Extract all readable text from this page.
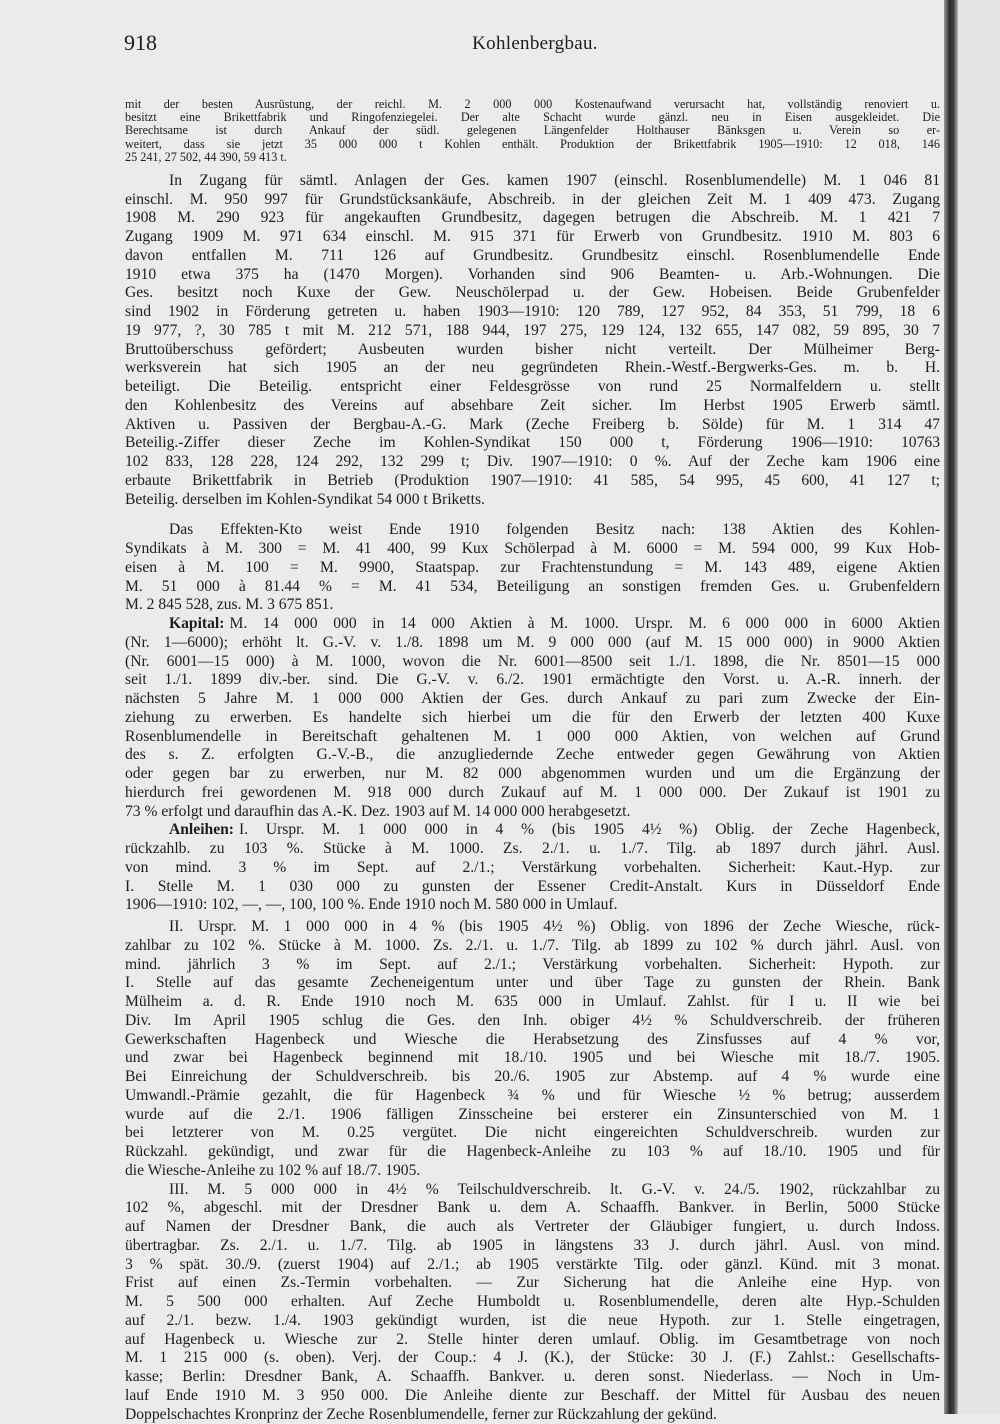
918	Kohlenbergbau.
mit der besten Ausrüstung, der reichl. M. 2 000 000 Kostenaufwand verursacht hat, vollständig renoviert u.
besitzt eine Brikettfabrik und Ringofenziegelei. Der alte Schacht wurde gänzl. neu in Eisen ausgekleidet. Die
Berechtsame ist durch Ankauf der südl. gelegenen Längenfelder Holthauser Bänksgen u. Verein so er-
weitert, dass sie jetzt 35 000 000 t Kohlen enthält. Produktion der Brikettfabrik 1905—1910: 12 018, 146
25 241, 27 502, 44 390, 59 413 t.
In Zugang für sämtl. Anlagen der Ges. kamen 1907 (einschl. Rosenblumendelle) M. 1 046 81
einschl. M. 950 997 für Grundstücksankäufe, Abschreib. in der gleichen Zeit M. 1 409 473. Zugang
1908 M. 290 923 für angekauften Grundbesitz, dagegen betrugen die Abschreib. M. 1 421 7
Zugang 1909 M. 971 634 einschl. M. 915 371 für Erwerb von Grundbesitz. 1910 M. 803 6
davon entfallen M. 711 126 auf Grundbesitz. Grundbesitz einschl. Rosenblumendelle Ende
1910 etwa 375 ha (1470 Morgen). Vorhanden sind 906 Beamten- u. Arb.-Wohnungen. Die
Ges. besitzt noch Kuxe der Gew. Neuschölerpad u. der Gew. Hobeisen. Beide Grubenfelder
sind 1902 in Förderung getreten u. haben 1903—1910: 120 789, 127 952, 84 353, 51 799, 18 6
19 977, ?, 30 785 t mit M. 212 571, 188 944, 197 275, 129 124, 132 655, 147 082, 59 895, 30 7
Bruttoüberschuss gefördert; Ausbeuten wurden bisher nicht verteilt. Der Mülheimer Berg-
werksverein hat sich 1905 an der neu gegründeten Rhein.-Westf.-Bergwerks-Ges. m. b. H.
beteiligt. Die Beteilig. entspricht einer Feldesgrösse von rund 25 Normalfeldern u. stellt
den Kohlenbesitz des Vereins auf absehbare Zeit sicher. Im Herbst 1905 Erwerb sämtl.
Aktiven u. Passiven der Bergbau-A.-G. Mark (Zeche Freiberg b. Sölde) für M. 1 314 47
Beteilig.-Ziffer dieser Zeche im Kohlen-Syndikat 150 000 t, Förderung 1906—1910: 10763
102 833, 128 228, 124 292, 132 299 t; Div. 1907—1910: 0 %. Auf der Zeche kam 1906 eine
erbaute Brikettfabrik in Betrieb (Produktion 1907—1910: 41 585, 54 995, 45 600, 41 127 t;
Beteilig. derselben im Kohlen-Syndikat 54 000 t Briketts.
Das Effekten-Kto weist Ende 1910 folgenden Besitz nach: 138 Aktien des Kohlen-
Syndikats à M. 300 = M. 41 400, 99 Kux Schölerpad à M. 6000 = M. 594 000, 99 Kux Hob-
eisen à M. 100 = M. 9900, Staatspap. zur Frachtenstundung = M. 143 489, eigene Aktien
M. 51 000 à 81.44 % = M. 41 534, Beteiligung an sonstigen fremden Ges. u. Grubenfeldern
M. 2 845 528, zus. M. 3 675 851.
Kapital: M. 14 000 000 in 14 000 Aktien à M. 1000. Urspr. M. 6 000 000 in 6000 Aktien
(Nr. 1—6000); erhöht lt. G.-V. v. 1./8. 1898 um M. 9 000 000 (auf M. 15 000 000) in 9000 Aktien
(Nr. 6001—15 000) à M. 1000, wovon die Nr. 6001—8500 seit 1./1. 1898, die Nr. 8501—15 000
seit 1./1. 1899 div.-ber. sind. Die G.-V. v. 6./2. 1901 ermächtigte den Vorst. u. A.-R. innerh. der
nächsten 5 Jahre M. 1 000 000 Aktien der Ges. durch Ankauf zu pari zum Zwecke der Ein-
ziehung zu erwerben. Es handelte sich hierbei um die für den Erwerb der letzten 400 Kuxe
Rosenblumendelle in Bereitschaft gehaltenen M. 1 000 000 Aktien, von welchen auf Grund
des s. Z. erfolgten G.-V.-B., die anzugliedernde Zeche entweder gegen Gewährung von Aktien
oder gegen bar zu erwerben, nur M. 82 000 abgenommen wurden und um die Ergänzung der
hierdurch frei gewordenen M. 918 000 durch Zukauf auf M. 1 000 000. Der Zukauf ist 1901 zu
73 % erfolgt und daraufhin das A.-K. Dez. 1903 auf M. 14 000 000 herabgesetzt.
Anleihen: I. Urspr. M. 1 000 000 in 4 % (bis 1905 4½ %) Oblig. der Zeche Hagenbeck,
rückzahlb. zu 103 %. Stücke à M. 1000. Zs. 2./1. u. 1./7. Tilg. ab 1897 durch jährl. Ausl.
von mind. 3 % im Sept. auf 2./1.; Verstärkung vorbehalten. Sicherheit: Kaut.-Hyp. zur
I. Stelle M. 1 030 000 zu gunsten der Essener Credit-Anstalt. Kurs in Düsseldorf Ende
1906—1910: 102, —, —, 100, 100 %. Ende 1910 noch M. 580 000 in Umlauf.
II. Urspr. M. 1 000 000 in 4 % (bis 1905 4½ %) Oblig. von 1896 der Zeche Wiesche, rück-
zahlbar zu 102 %. Stücke à M. 1000. Zs. 2./1. u. 1./7. Tilg. ab 1899 zu 102 % durch jährl. Ausl. von
mind. jährlich 3 % im Sept. auf 2./1.; Verstärkung vorbehalten. Sicherheit: Hypoth. zur
I. Stelle auf das gesamte Zecheneigentum unter und über Tage zu gunsten der Rhein. Bank
Mülheim a. d. R. Ende 1910 noch M. 635 000 in Umlauf. Zahlst. für I u. II wie bei
Div. Im April 1905 schlug die Ges. den Inh. obiger 4½ % Schuldverschreib. der früheren
Gewerkschaften Hagenbeck und Wiesche die Herabsetzung des Zinsfusses auf 4 % vor,
und zwar bei Hagenbeck beginnend mit 18./10. 1905 und bei Wiesche mit 18./7. 1905.
Bei Einreichung der Schuldverschreib. bis 20./6. 1905 zur Abstemp. auf 4 % wurde eine
Umwandl.-Prämie gezahlt, die für Hagenbeck ¾ % und für Wiesche ½ % betrug; ausserdem
wurde auf die 2./1. 1906 fälligen Zinsscheine bei ersterer ein Zinsunterschied von M. 1
bei letzterer von M. 0.25 vergütet. Die nicht eingereichten Schuldverschreib. wurden zur
Rückzahl. gekündigt, und zwar für die Hagenbeck-Anleihe zu 103 % auf 18./10. 1905 und für
die Wiesche-Anleihe zu 102 % auf 18./7. 1905.
III. M. 5 000 000 in 4½ % Teilschuldverschreib. lt. G.-V. v. 24./5. 1902, rückzahlbar zu
102 %, abgeschl. mit der Dresdner Bank u. dem A. Schaaffh. Bankver. in Berlin, 5000 Stücke
auf Namen der Dresdner Bank, die auch als Vertreter der Gläubiger fungiert, u. durch Indoss.
übertragbar. Zs. 2./1. u. 1./7. Tilg. ab 1905 in längstens 33 J. durch jährl. Ausl. von mind.
3 % spät. 30./9. (zuerst 1904) auf 2./1.; ab 1905 verstärkte Tilg. oder gänzl. Künd. mit 3 monat.
Frist auf einen Zs.-Termin vorbehalten. — Zur Sicherung hat die Anleihe eine Hyp. von
M. 5 500 000 erhalten. Auf Zeche Humboldt u. Rosenblumendelle, deren alte Hyp.-Schulden
auf 2./1. bezw. 1./4. 1903 gekündigt wurden, ist die neue Hypoth. zur 1. Stelle eingetragen,
auf Hagenbeck u. Wiesche zur 2. Stelle hinter deren umlauf. Oblig. im Gesamtbetrage von noch
M. 1 215 000 (s. oben). Verj. der Coup.: 4 J. (K.), der Stücke: 30 J. (F.) Zahlst.: Gesellschafts-
kasse; Berlin: Dresdner Bank, A. Schaaffh. Bankver. u. deren sonst. Niederlass. — Noch in Um-
lauf Ende 1910 M. 3 950 000. Die Anleihe diente zur Beschaff. der Mittel für Ausbau des neuen
Doppelschachtes Kronprinz der Zeche Rosenblumendelle, ferner zur Rückzahlung der gekünd.
